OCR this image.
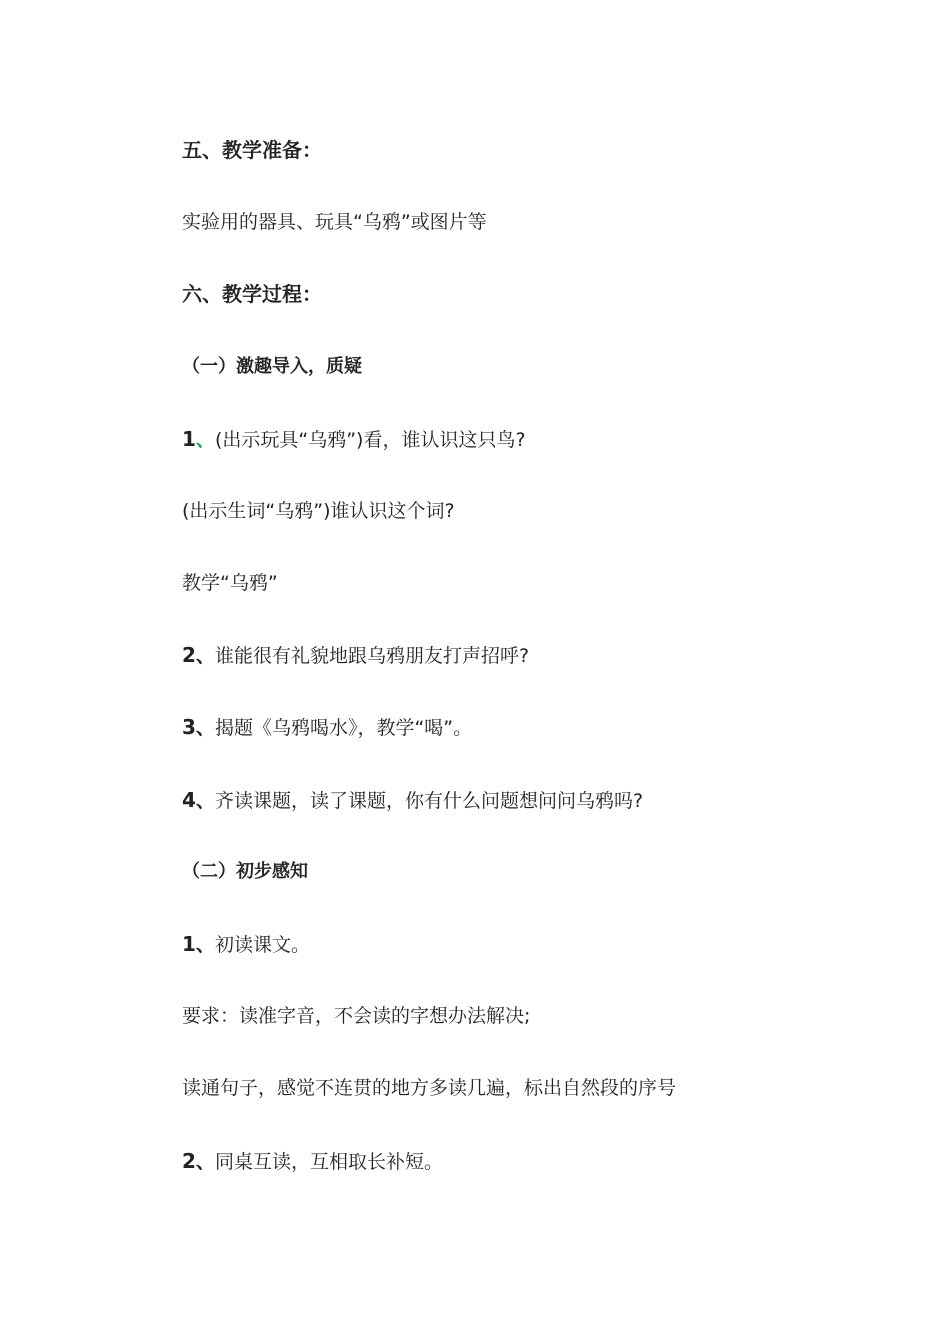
五、教学准备：
实验用的器具、玩具“乌鸦”或图片等
六、教学过程：
（一）激趣导入，质疑
1、(出示玩具“乌鸦”)看，谁认识这只鸟?
(出示生词“乌鸦”)谁认识这个词?
教学“乌鸦”
2、谁能很有礼貌地跟乌鸦朋友打声招呼?
3、揭题《乌鸦喝水》，教学“喝”。
4、齐读课题，读了课题，你有什么问题想问问乌鸦吗?
（二）初步感知
1、初读课文。
要求：读准字音，不会读的字想办法解决;
读通句子，感觉不连贯的地方多读几遍，标出自然段的序号
2、同桌互读，互相取长补短。
